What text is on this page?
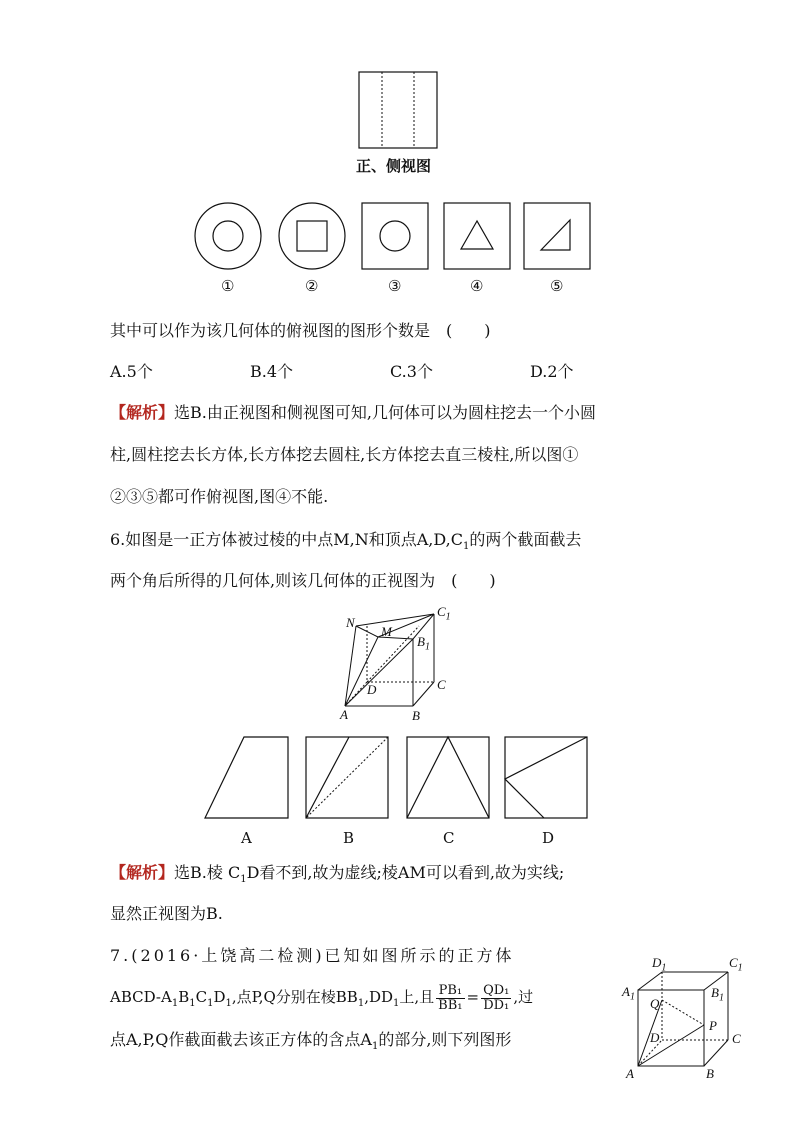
正、侧视图
①	②	③	④	⑤
其中可以作为该几何体的俯视图的图形个数是　(　　)
A.5个	B.4个	C.3个	D.2个
【解析】选B.由正视图和侧视图可知,几何体可以为圆柱挖去一个小圆
柱,圆柱挖去长方体,长方体挖去圆柱,长方体挖去直三棱柱,所以图①
②③⑤都可作俯视图,图④不能.
6.如图是一正方体被过棱的中点M,N和顶点$A,D,C_1$的两个截面截去
两个角后所得的几何体,则该几何体的正视图为　(　　)
N
M
$C_1$
$B_1$
D	C
A	B
A	B	C	D
【解析】选B.棱 $C_1D$看不到,故为虚线;棱AM可以看到,故为实线;
显然正视图为B.
7.(2016·上饶高二检测)已知如图所示的正方体
ABCD-$A_1B_1C_1D_1$,点P,Q分别在棱$BB_1,DD_1$上,且 $\frac{\text{PB₁}}{\text{BB₁}} = \frac{\text{QD₁}}{\text{DD₁}}$ ,过
点A,P,Q作截面截去该正方体的含点$A_1$的部分,则下列图形
$D_1$	$C_1$
$A_1$	$B_1$
Q
P
D	C
A	B
